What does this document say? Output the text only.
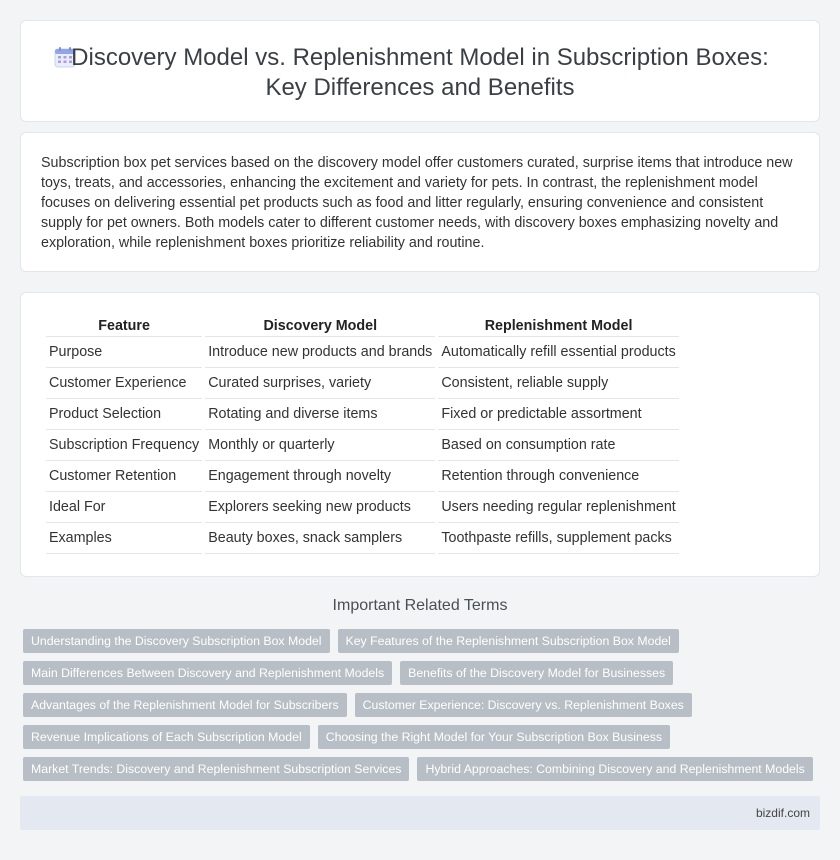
Discovery Model vs. Replenishment Model in Subscription Boxes:
Key Differences and Benefits

Subscription box pet services based on the discovery model offer customers curated, surprise items that introduce new toys, treats, and accessories, enhancing the excitement and variety for pets. In contrast, the replenishment model focuses on delivering essential pet products such as food and litter regularly, ensuring convenience and consistent supply for pet owners. Both models cater to different customer needs, with discovery boxes emphasizing novelty and exploration, while replenishment boxes prioritize reliability and routine.

Feature	Discovery Model	Replenishment Model
Purpose	Introduce new products and brands	Automatically refill essential products
Customer Experience	Curated surprises, variety	Consistent, reliable supply
Product Selection	Rotating and diverse items	Fixed or predictable assortment
Subscription Frequency	Monthly or quarterly	Based on consumption rate
Customer Retention	Engagement through novelty	Retention through convenience
Ideal For	Explorers seeking new products	Users needing regular replenishment
Examples	Beauty boxes, snack samplers	Toothpaste refills, supplement packs
Important Related Terms
Understanding the Discovery Subscription Box Model	Key Features of the Replenishment Subscription Box Model
Main Differences Between Discovery and Replenishment Models	Benefits of the Discovery Model for Businesses
Advantages of the Replenishment Model for Subscribers	Customer Experience: Discovery vs. Replenishment Boxes
Revenue Implications of Each Subscription Model	Choosing the Right Model for Your Subscription Box Business
Market Trends: Discovery and Replenishment Subscription Services	Hybrid Approaches: Combining Discovery and Replenishment Models
bizdif.com
